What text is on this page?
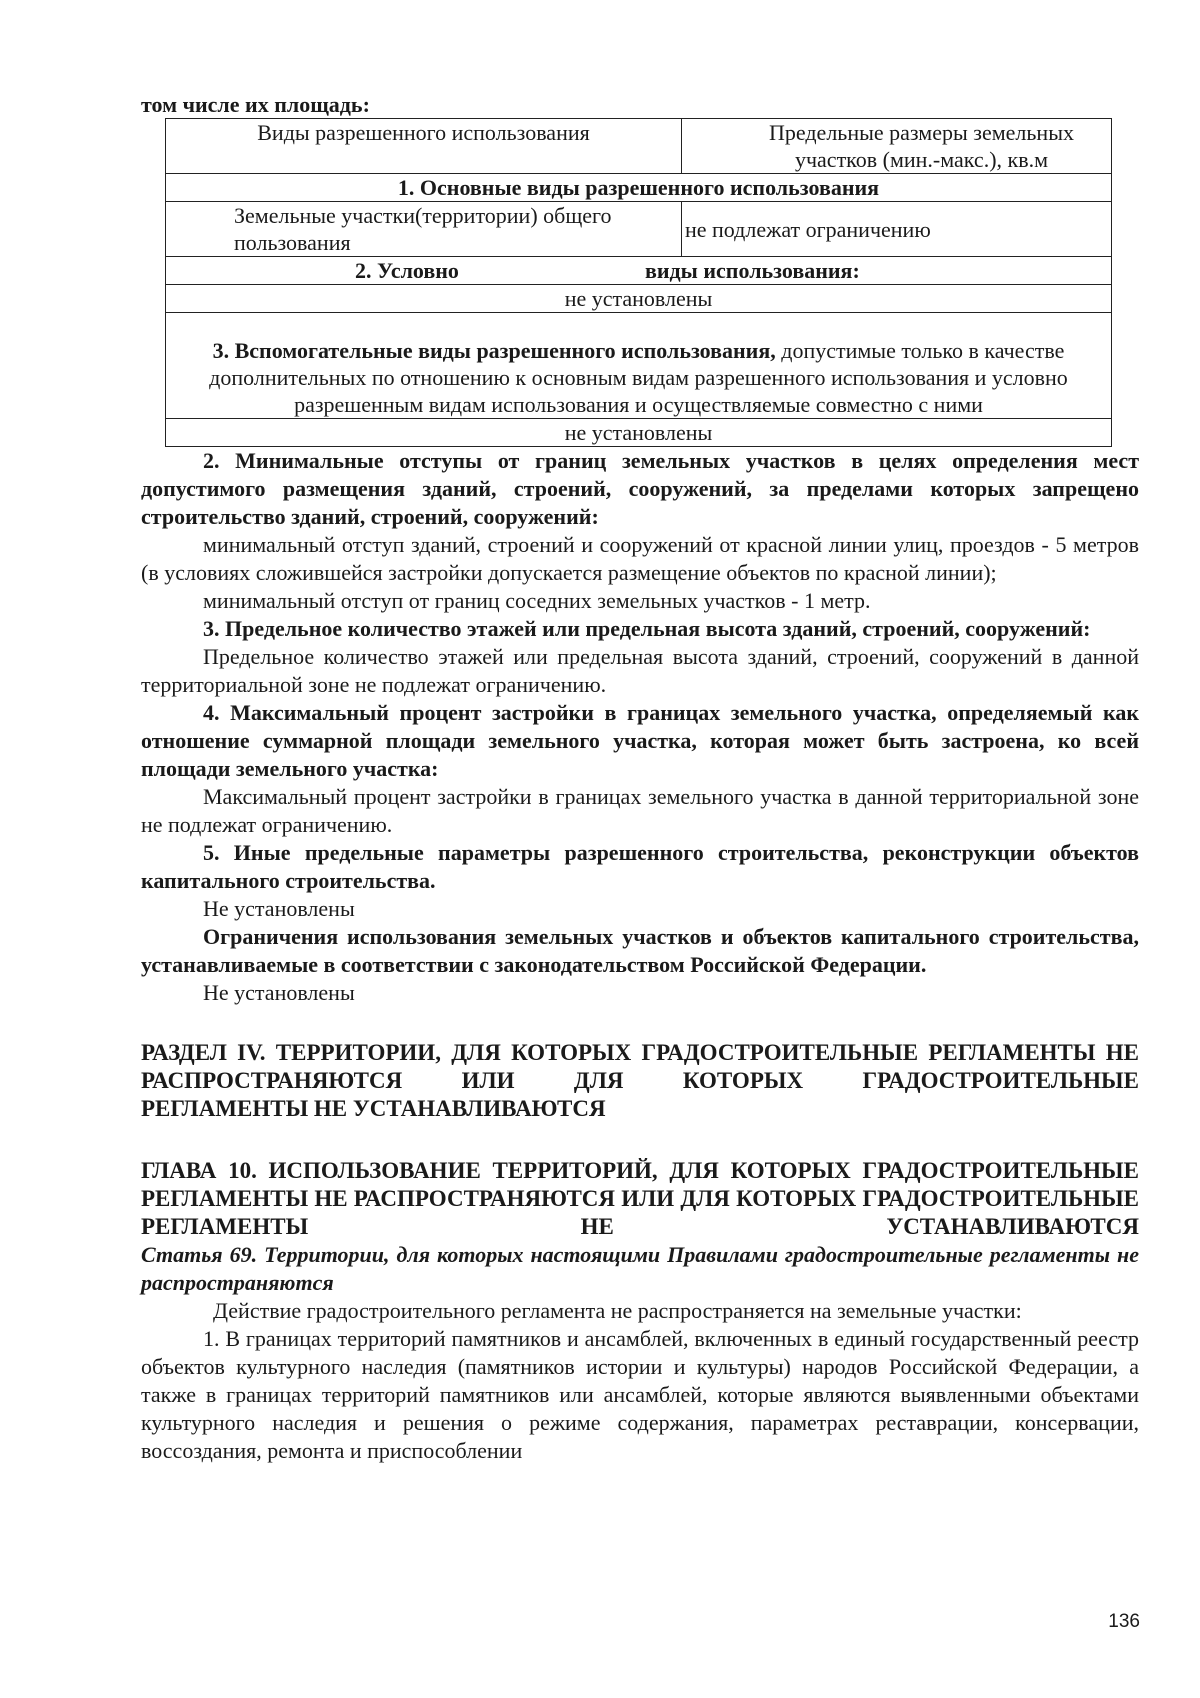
том числе их площадь:

Виды разрешенного использования	Предельные размеры земельных участков (мин.-макс.), кв.м
1. Основные виды разрешенного использования	

Земельные участки(территории) общего пользования	не подлежат ограничению
2. Условно виды использования:	
не установлены	
3. Вспомогательные виды разрешенного использования, допустимые только в качестве дополнительных по отношению к основным видам разрешенного использования и условно разрешенным видам использования и осуществляемые совместно с ними	
не установлены	

2. Минимальные отступы от границ земельных участков в целях определения мест допустимого размещения зданий, строений, сооружений, за пределами которых запрещено строительство зданий, строений, сооружений:

минимальный отступ зданий, строений и сооружений от красной линии улиц, проездов - 5 метров (в условиях сложившейся застройки допускается размещение объектов по красной линии);

минимальный отступ от границ соседних земельных участков - 1 метр.

3. Предельное количество этажей или предельная высота зданий, строений, сооружений:

Предельное количество этажей или предельная высота зданий, строений, сооружений в данной территориальной зоне не подлежат ограничению.

4. Максимальный процент застройки в границах земельного участка, определяемый как отношение суммарной площади земельного участка, которая может быть застроена, ко всей площади земельного участка:

Максимальный процент застройки в границах земельного участка в данной территориальной зоне не подлежат ограничению.

5. Иные предельные параметры разрешенного строительства, реконструкции объектов капитального строительства.

Не установлены

Ограничения использования земельных участков и объектов капитального строительства, устанавливаемые в соответствии с законодательством Российской Федерации.

Не установлены

РАЗДЕЛ IV. ТЕРРИТОРИИ, ДЛЯ КОТОРЫХ ГРАДОСТРОИТЕЛЬНЫЕ РЕГЛАМЕНТЫ НЕ РАСПРОСТРАНЯЮТСЯ ИЛИ ДЛЯ КОТОРЫХ ГРАДОСТРОИТЕЛЬНЫЕ

РЕГЛАМЕНТЫ НЕ УСТАНАВЛИВАЮТСЯ

ГЛАВА 10. ИСПОЛЬЗОВАНИЕ ТЕРРИТОРИЙ, ДЛЯ КОТОРЫХ ГРАДОСТРОИТЕЛЬНЫЕ РЕГЛАМЕНТЫ НЕ РАСПРОСТРАНЯЮТСЯ ИЛИ ДЛЯ КОТОРЫХ ГРАДОСТРОИТЕЛЬНЫЕ РЕГЛАМЕНТЫ НЕ УСТАНАВЛИВАЮТСЯ

Статья 69. Территории, для которых настоящими Правилами градостроительные регламенты не распространяются

Действие градостроительного регламента не распространяется на земельные участки:

1. В границах территорий памятников и ансамблей, включенных в единый государственный реестр объектов культурного наследия (памятников истории и культуры) народов Российской Федерации, а также в границах территорий памятников или ансамблей, которые являются выявленными объектами культурного наследия и решения о режиме содержания, параметрах реставрации, консервации, воссоздания, ремонта и приспособлении

136
